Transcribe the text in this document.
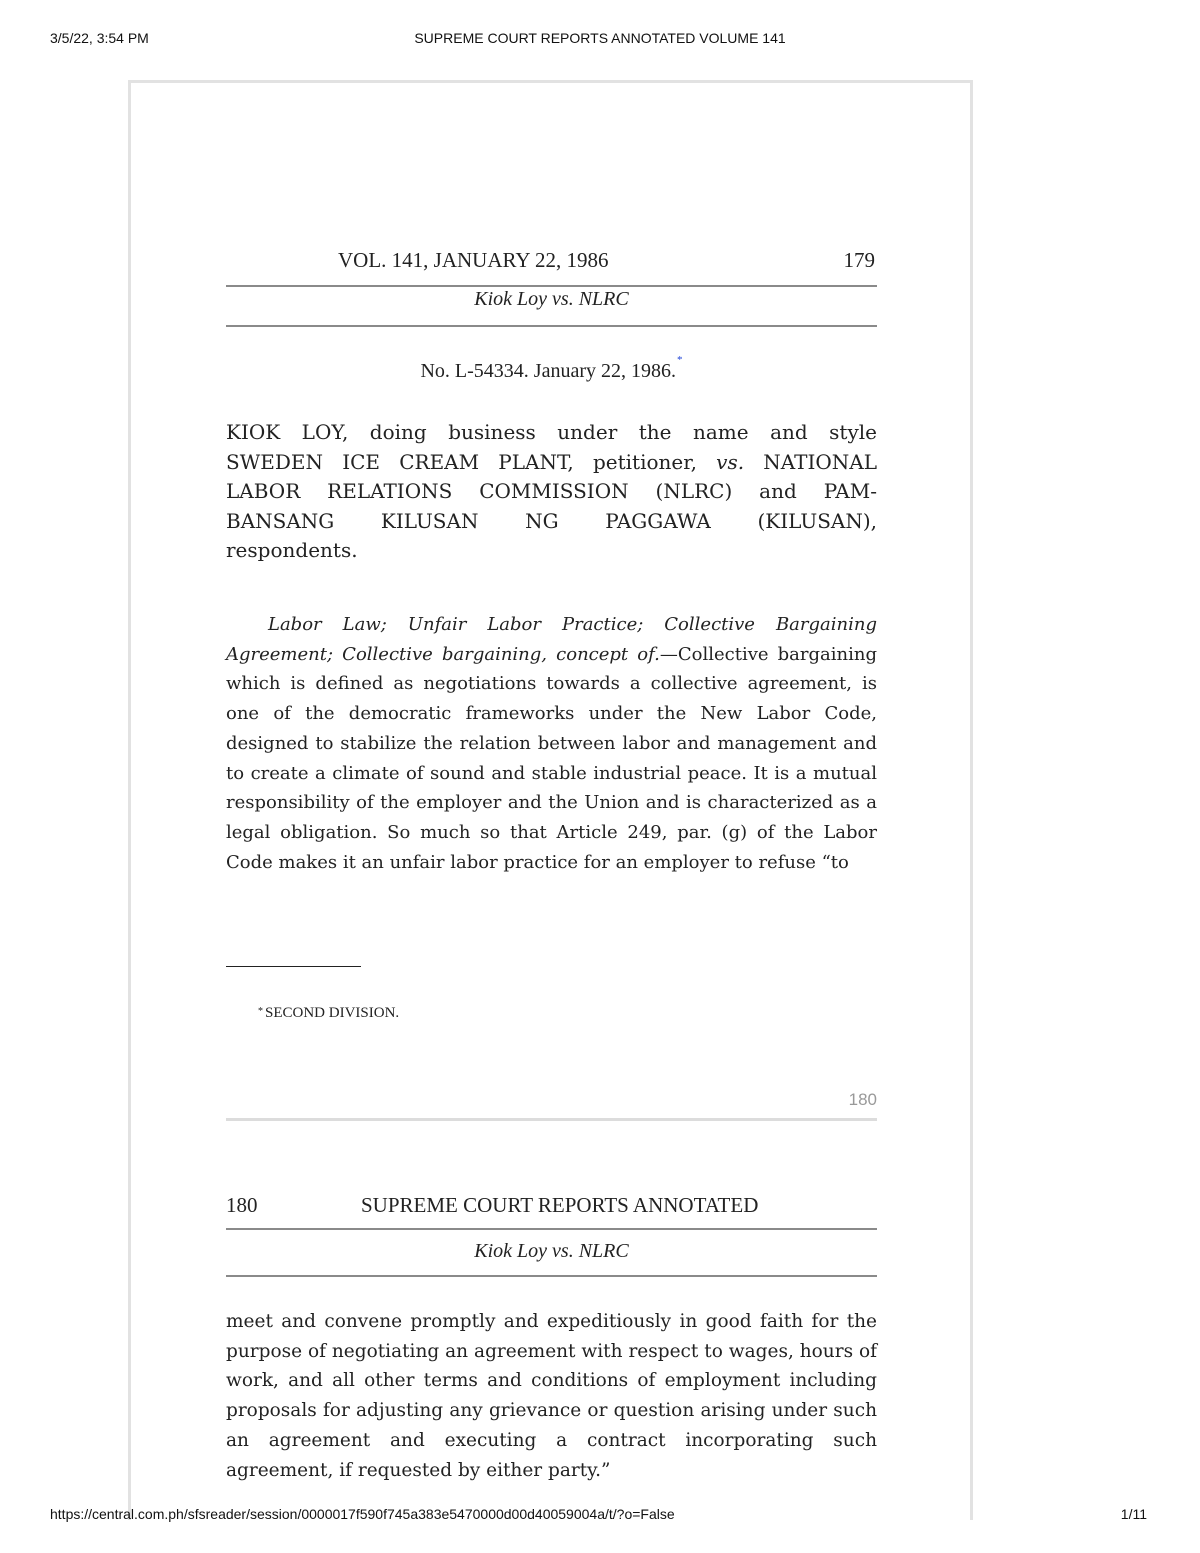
3/5/22, 3:54 PM	SUPREME COURT REPORTS ANNOTATED VOLUME 141
VOL. 141, JANUARY 22, 1986	179
Kiok Loy vs. NLRC
No. L-54334. January 22, 1986.*
KIOK LOY, doing business under the name and style
SWEDEN ICE CREAM PLANT, petitioner, vs. NATIONAL
LABOR RELATIONS COMMISSION (NLRC) and PAM-
BANSANG KILUSAN NG PAGGAWA (KILUSAN),
respondents.
Labor Law; Unfair Labor Practice; Collective Bargaining Agreement; Collective bargaining, concept of.—Collective bargaining which is defined as negotiations towards a collective agreement, is one of the democratic frameworks under the New Labor Code, designed to stabilize the relation between labor and management and to create a climate of sound and stable industrial peace. It is a mutual responsibility of the employer and the Union and is characterized as a legal obligation. So much so that Article 249, par. (g) of the Labor Code makes it an unfair labor practice for an employer to refuse “to
* SECOND DIVISION.
180
180	SUPREME COURT REPORTS ANNOTATED
Kiok Loy vs. NLRC
meet and convene promptly and expeditiously in good faith for the purpose of negotiating an agreement with respect to wages, hours of work, and all other terms and conditions of employment including proposals for adjusting any grievance or question arising under such an agreement and executing a contract incorporating such agreement, if requested by either party.”
https://central.com.ph/sfsreader/session/0000017f590f745a383e5470000d00d40059004a/t/?o=False	1/11
